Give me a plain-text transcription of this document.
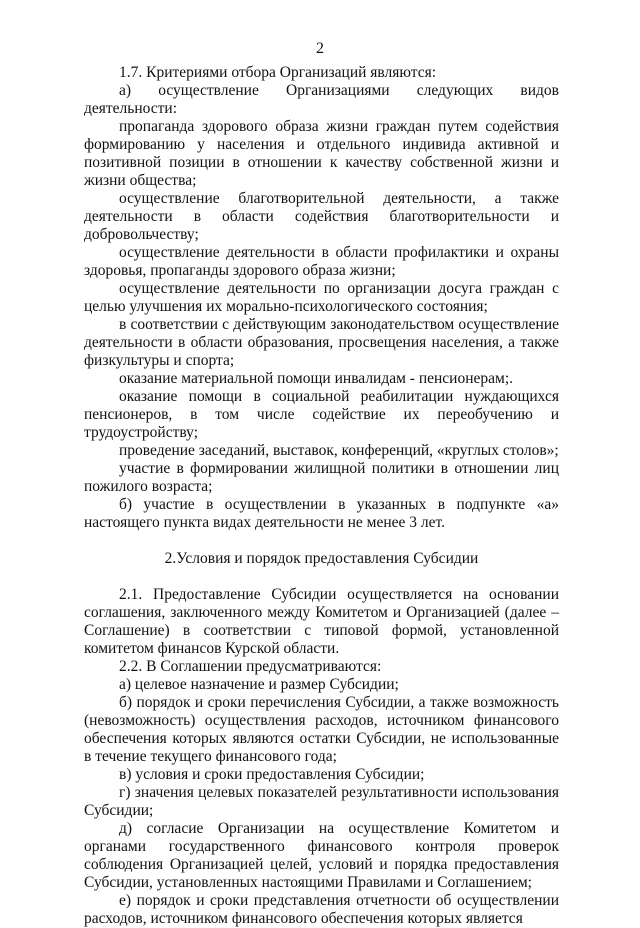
2

1.7. Критериями отбора Организаций являются:

а) осуществление Организациями следующих видов деятельности:

пропаганда здорового образа жизни граждан путем содействия формированию у населения и отдельного индивида активной и позитивной позиции в отношении к качеству собственной жизни и жизни общества;

осуществление благотворительной деятельности, а также деятельности в области содействия благотворительности и добровольчеству;

осуществление деятельности в области профилактики и охраны здоровья, пропаганды здорового образа жизни;

осуществление деятельности по организации досуга граждан с целью улучшения их морально-психологического состояния;

в соответствии с действующим законодательством осуществление деятельности в области образования, просвещения населения, а также физкультуры и спорта;

оказание материальной помощи инвалидам - пенсионерам;.

оказание помощи в социальной реабилитации нуждающихся пенсионеров, в том числе содействие их переобучению и трудоустройству;

проведение заседаний, выставок, конференций, «круглых столов»;

участие в формировании жилищной политики в отношении лиц пожилого возраста;

б) участие в осуществлении в указанных в подпункте «а» настоящего пункта видах деятельности не менее 3 лет.

2.Условия и порядок предоставления Субсидии

2.1. Предоставление Субсидии осуществляется на основании соглашения, заключенного между Комитетом и Организацией (далее – Соглашение) в соответствии с типовой формой, установленной комитетом финансов Курской области.

2.2. В Соглашении предусматриваются:

а) целевое назначение и размер Субсидии;

б) порядок и сроки перечисления Субсидии, а также возможность (невозможность) осуществления расходов, источником финансового обеспечения которых являются остатки Субсидии, не использованные в течение текущего финансового года;

в) условия и сроки предоставления Субсидии;

г) значения целевых показателей результативности использования Субсидии;

д) согласие Организации на осуществление Комитетом и органами государственного финансового контроля проверок соблюдения Организацией целей, условий и порядка предоставления Субсидии, установленных настоящими Правилами и Соглашением;

е) порядок и сроки представления отчетности об осуществлении расходов, источником финансового обеспечения которых является
